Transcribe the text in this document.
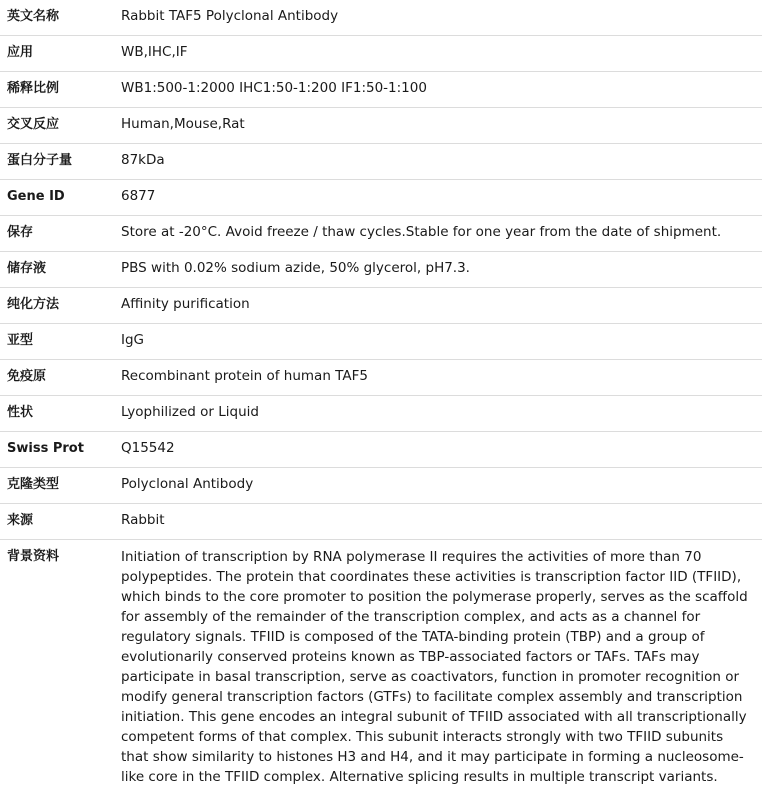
英文名称	Rabbit TAF5 Polyclonal Antibody
应用	WB,IHC,IF
稀释比例	WB1:500-1:2000 IHC1:50-1:200 IF1:50-1:100
交叉反应	Human,Mouse,Rat
蛋白分子量	87kDa
Gene ID	6877
保存	Store at -20°C. Avoid freeze / thaw cycles.Stable for one year from the date of shipment.
储存液	PBS with 0.02% sodium azide, 50% glycerol, pH7.3.
纯化方法	Affinity purification
亚型	IgG
免疫原	Recombinant protein of human TAF5
性状	Lyophilized or Liquid
Swiss Prot	Q15542
克隆类型	Polyclonal Antibody
来源	Rabbit
背景资料	Initiation of transcription by RNA polymerase II requires the activities of more than 70 polypeptides. The protein that coordinates these activities is transcription factor IID (TFIID), which binds to the core promoter to position the polymerase properly, serves as the scaffold for assembly of the remainder of the transcription complex, and acts as a channel for regulatory signals. TFIID is composed of the TATA-binding protein (TBP) and a group of evolutionarily conserved proteins known as TBP-associated factors or TAFs. TAFs may participate in basal transcription, serve as coactivators, function in promoter recognition or modify general transcription factors (GTFs) to facilitate complex assembly and transcription initiation. This gene encodes an integral subunit of TFIID associated with all transcriptionally competent forms of that complex. This subunit interacts strongly with two TFIID subunits that show similarity to histones H3 and H4, and it may participate in forming a nucleosome-like core in the TFIID complex. Alternative splicing results in multiple transcript variants.
